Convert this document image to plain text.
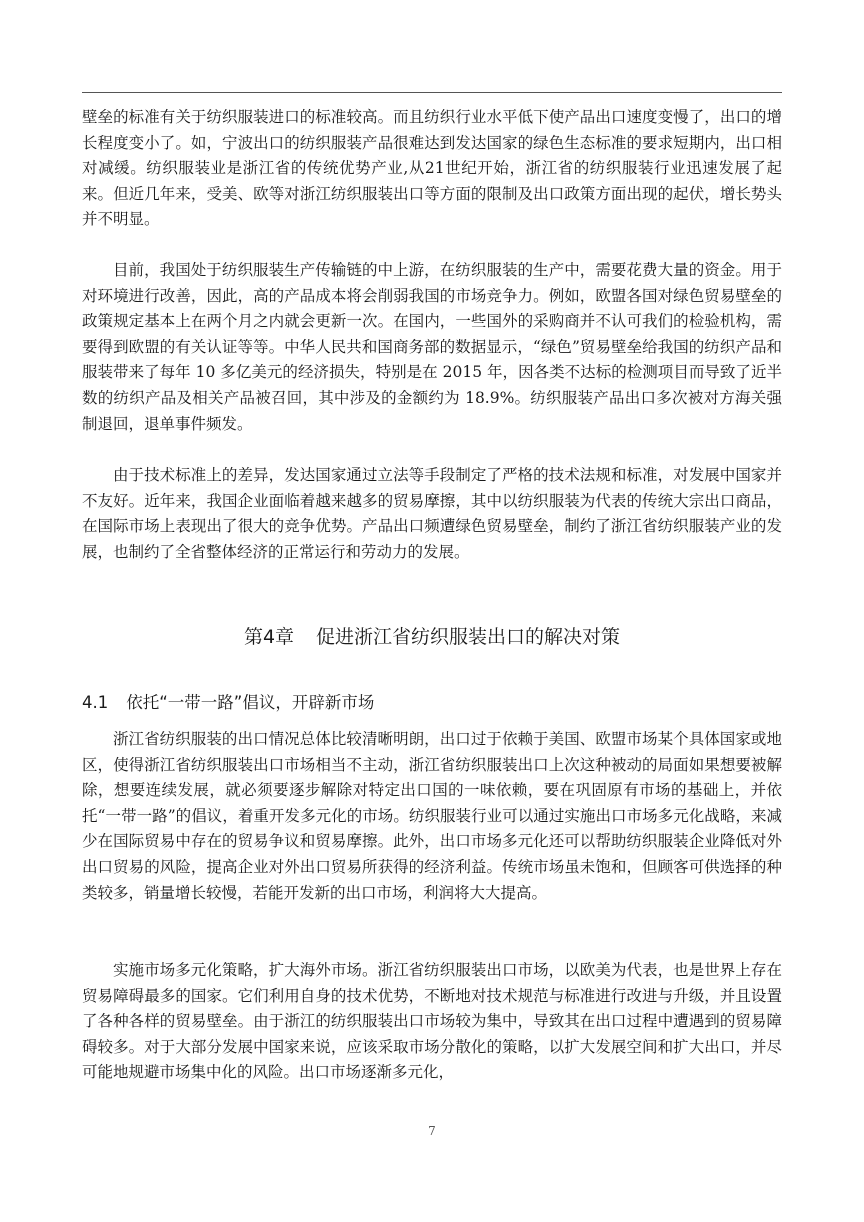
壁垒的标准有关于纺织服装进口的标准较高。而且纺织行业水平低下使产品出口速度变慢了，出口的增长程度变小了。如，宁波出口的纺织服装产品很难达到发达国家的绿色生态标准的要求短期内，出口相对减缓。纺织服装业是浙江省的传统优势产业,从21世纪开始，浙江省的纺织服装行业迅速发展了起来。但近几年来，受美、欧等对浙江纺织服装出口等方面的限制及出口政策方面出现的起伏，增长势头并不明显。

目前，我国处于纺织服装生产传输链的中上游，在纺织服装的生产中，需要花费大量的资金。用于对环境进行改善，因此，高的产品成本将会削弱我国的市场竞争力。例如，欧盟各国对绿色贸易壁垒的政策规定基本上在两个月之内就会更新一次。在国内，一些国外的采购商并不认可我们的检验机构，需要得到欧盟的有关认证等等。中华人民共和国商务部的数据显示，“绿色”贸易壁垒给我国的纺织产品和服装带来了每年 10 多亿美元的经济损失，特别是在 2015 年，因各类不达标的检测项目而导致了近半数的纺织产品及相关产品被召回，其中涉及的金额约为 18.9%。纺织服装产品出口多次被对方海关强制退回，退单事件频发。

由于技术标准上的差异，发达国家通过立法等手段制定了严格的技术法规和标准，对发展中国家并不友好。近年来，我国企业面临着越来越多的贸易摩擦，其中以纺织服装为代表的传统大宗出口商品，在国际市场上表现出了很大的竞争优势。产品出口频遭绿色贸易壁垒，制约了浙江省纺织服装产业的发展，也制约了全省整体经济的正常运行和劳动力的发展。

第4章 促进浙江省纺织服装出口的解决对策
4.1 依托“一带一路”倡议，开辟新市场

浙江省纺织服装的出口情况总体比较清晰明朗，出口过于依赖于美国、欧盟市场某个具体国家或地区，使得浙江省纺织服装出口市场相当不主动，浙江省纺织服装出口上次这种被动的局面如果想要被解除，想要连续发展，就必须要逐步解除对特定出口国的一味依赖，要在巩固原有市场的基础上，并依托“一带一路”的倡议，着重开发多元化的市场。纺织服装行业可以通过实施出口市场多元化战略，来减少在国际贸易中存在的贸易争议和贸易摩擦。此外，出口市场多元化还可以帮助纺织服装企业降低对外出口贸易的风险，提高企业对外出口贸易所获得的经济利益。传统市场虽未饱和，但顾客可供选择的种类较多，销量增长较慢，若能开发新的出口市场，利润将大大提高。

实施市场多元化策略，扩大海外市场。浙江省纺织服装出口市场，以欧美为代表，也是世界上存在贸易障碍最多的国家。它们利用自身的技术优势，不断地对技术规范与标准进行改进与升级，并且设置了各种各样的贸易壁垒。由于浙江的纺织服装出口市场较为集中，导致其在出口过程中遭遇到的贸易障碍较多。对于大部分发展中国家来说，应该采取市场分散化的策略，以扩大发展空间和扩大出口，并尽可能地规避市场集中化的风险。出口市场逐渐多元化，

7
